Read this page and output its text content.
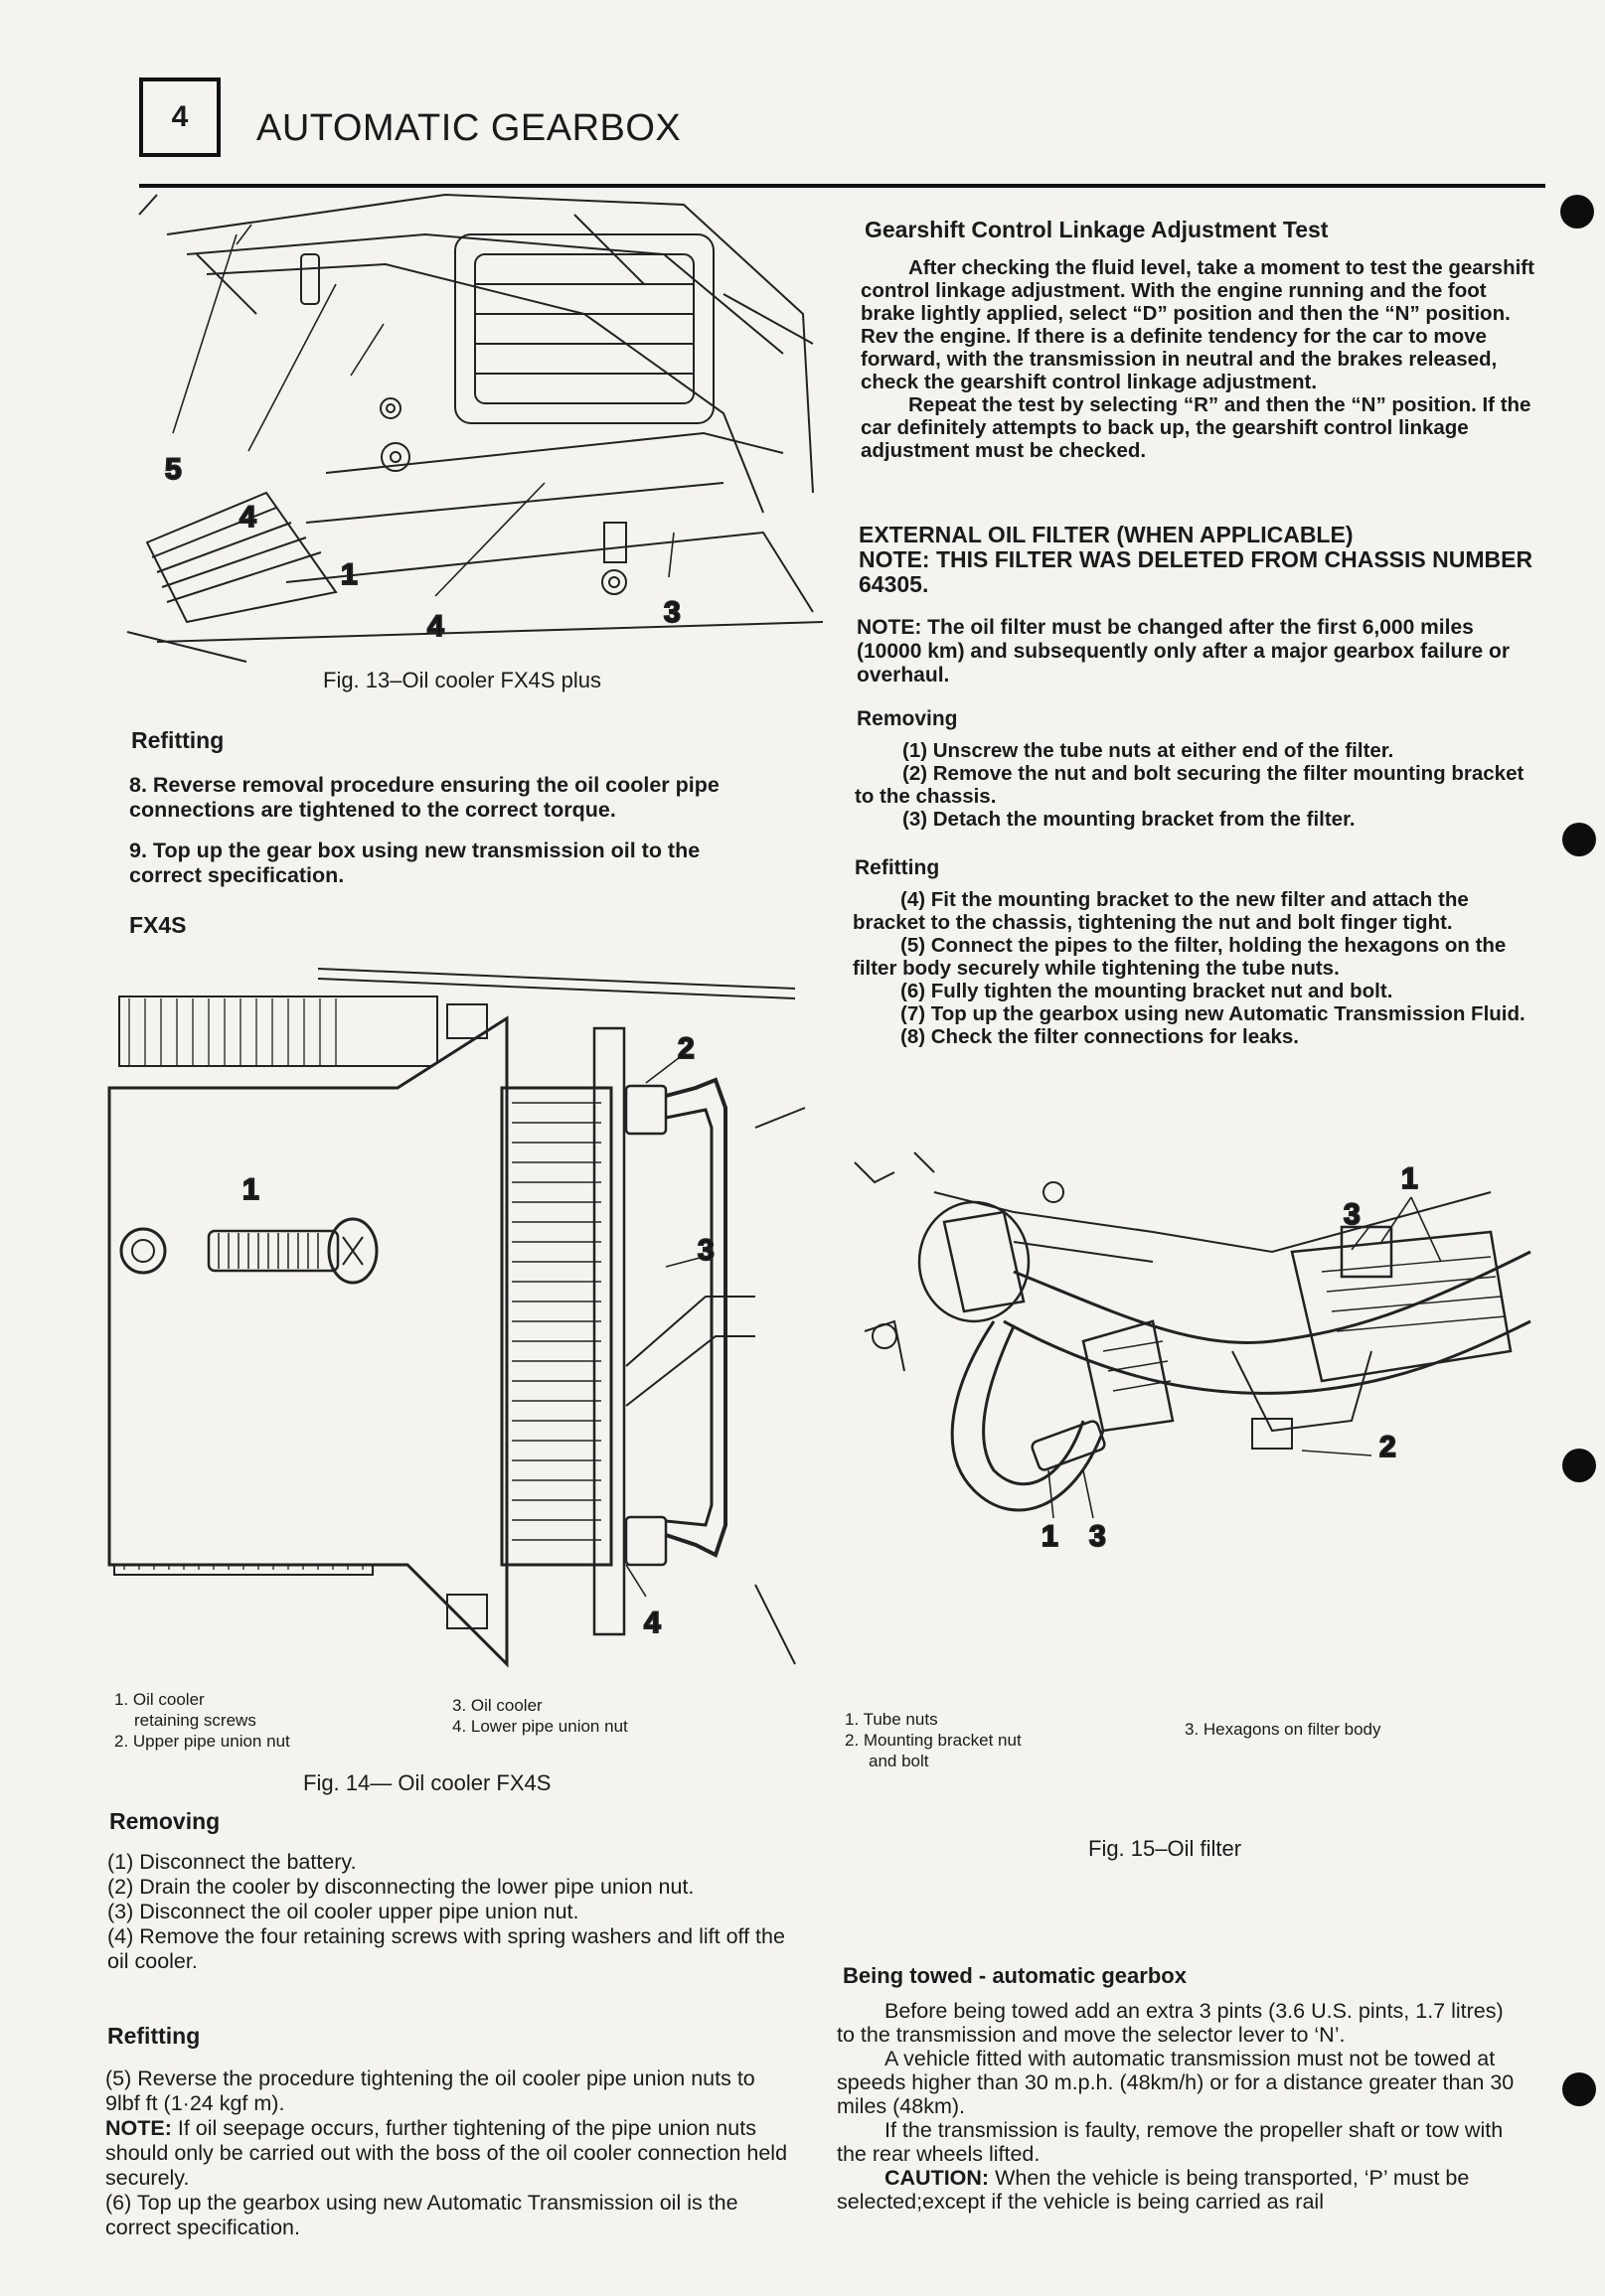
4 AUTOMATIC GEARBOX
5
4
1
4	3
Fig. 13–Oil cooler FX4S plus
Refitting

8. Reverse removal procedure ensuring the oil cooler pipe connections are tightened to the correct torque.

9. Top up the gear box using new transmission oil to the correct specification.

FX4S
1
2
3
4
1. Oil cooler
retaining screws
2. Upper pipe union nut
3. Oil cooler
4. Lower pipe union nut
Fig. 14— Oil cooler FX4S
Removing

(1) Disconnect the battery.

(2) Drain the cooler by disconnecting the lower pipe union nut.

(3) Disconnect the oil cooler upper pipe union nut.

(4) Remove the four retaining screws with spring washers and lift off the oil cooler.

Refitting

(5) Reverse the procedure tightening the oil cooler pipe union nuts to 9lbf ft (1·24 kgf m).

NOTE: If oil seepage occurs, further tightening of the pipe union nuts should only be carried out with the boss of the oil cooler connection held securely.

(6) Top up the gearbox using new Automatic Transmission oil is the correct specification.

Gearshift Control Linkage Adjustment Test

After checking the fluid level, take a moment to test the gearshift control linkage adjustment. With the engine running and the foot brake lightly applied, select “D” position and then the “N” position. Rev the engine. If there is a definite tendency for the car to move forward, with the transmission in neutral and the brakes released, check the gearshift control linkage adjustment.

Repeat the test by selecting “R” and then the “N” position. If the car definitely attempts to back up, the gearshift control linkage adjustment must be checked.

EXTERNAL OIL FILTER (WHEN APPLICABLE)

NOTE: THIS FILTER WAS DELETED FROM CHASSIS NUMBER 64305.

NOTE: The oil filter must be changed after the first 6,000 miles (10000 km) and subsequently only after a major gearbox failure or overhaul.

Removing

(1) Unscrew the tube nuts at either end of the filter.

(2) Remove the nut and bolt securing the filter mounting bracket to the chassis.

(3) Detach the mounting bracket from the filter.

Refitting

(4) Fit the mounting bracket to the new filter and attach the bracket to the chassis, tightening the nut and bolt finger tight.

(5) Connect the pipes to the filter, holding the hexagons on the filter body securely while tightening the tube nuts.

(6) Fully tighten the mounting bracket nut and bolt.

(7) Top up the gearbox using new Automatic Transmission Fluid.

(8) Check the filter connections for leaks.

1
3
2
1 3
1. Tube nuts
2. Mounting bracket nut
and bolt
3. Hexagons on filter body
Fig. 15–Oil filter
Being towed - automatic gearbox

Before being towed add an extra 3 pints (3.6 U.S. pints, 1.7 litres) to the transmission and move the selector lever to ‘N’.

A vehicle fitted with automatic transmission must not be towed at speeds higher than 30 m.p.h. (48km/h) or for a distance greater than 30 miles (48km).

If the transmission is faulty, remove the propeller shaft or tow with the rear wheels lifted.

CAUTION: When the vehicle is being transported, ‘P’ must be selected;except if the vehicle is being carried as rail
